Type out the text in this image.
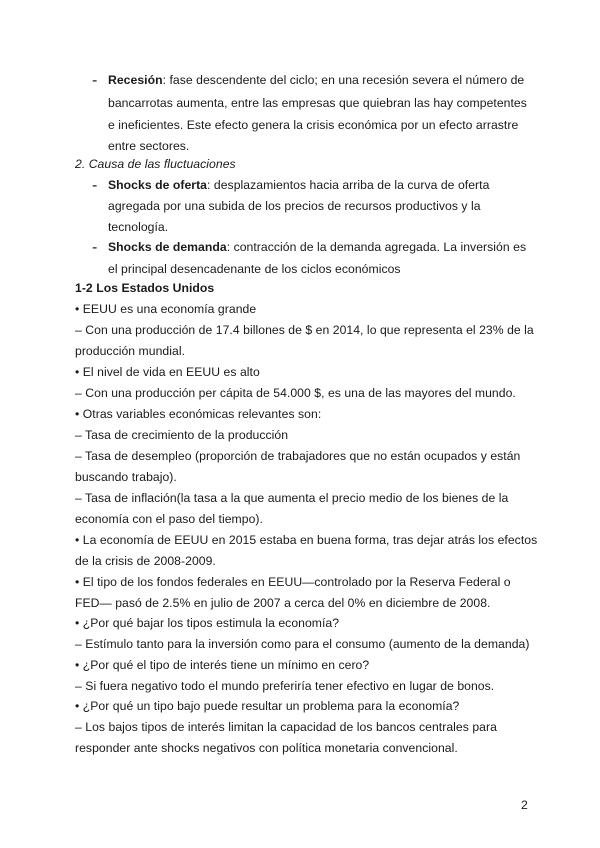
- Recesión: fase descendente del ciclo; en una recesión severa el número de
bancarrotas aumenta, entre las empresas que quiebran las hay competentes
e ineficientes. Este efecto genera la crisis económica por un efecto arrastre
entre sectores.
2. Causa de las fluctuaciones
- Shocks de oferta: desplazamientos hacia arriba de la curva de oferta
agregada por una subida de los precios de recursos productivos y la
tecnología.
- Shocks de demanda: contracción de la demanda agregada. La inversión es
el principal desencadenante de los ciclos económicos
1-2 Los Estados Unidos
• EEUU es una economía grande
– Con una producción de 17.4 billones de $ en 2014, lo que representa el 23% de la
producción mundial.
• El nivel de vida en EEUU es alto
– Con una producción per cápita de 54.000 $, es una de las mayores del mundo.
• Otras variables económicas relevantes son:
– Tasa de crecimiento de la producción
– Tasa de desempleo (proporción de trabajadores que no están ocupados y están
buscando trabajo).
– Tasa de inflación(la tasa a la que aumenta el precio medio de los bienes de la
economía con el paso del tiempo).
• La economía de EEUU en 2015 estaba en buena forma, tras dejar atrás los efectos
de la crisis de 2008-2009.
• El tipo de los fondos federales en EEUU—controlado por la Reserva Federal o
FED— pasó de 2.5% en julio de 2007 a cerca del 0% en diciembre de 2008.
• ¿Por qué bajar los tipos estimula la economía?
– Estímulo tanto para la inversión como para el consumo (aumento de la demanda)
• ¿Por qué el tipo de interés tiene un mínimo en cero?
– Si fuera negativo todo el mundo preferiría tener efectivo en lugar de bonos.
• ¿Por qué un tipo bajo puede resultar un problema para la economía?
– Los bajos tipos de interés limitan la capacidad de los bancos centrales para
responder ante shocks negativos con política monetaria convencional.
2
